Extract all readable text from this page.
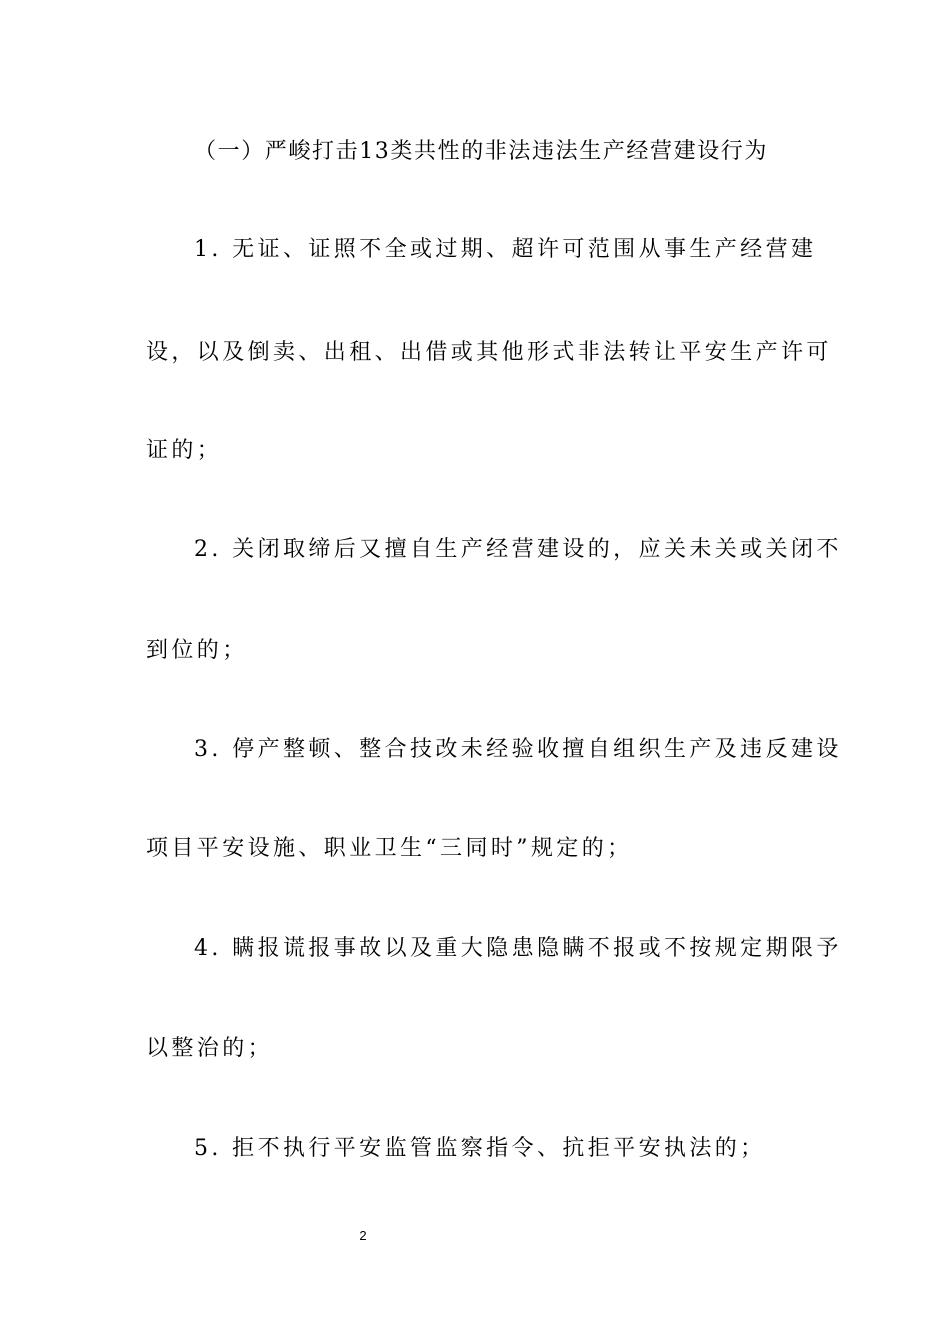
（一）严峻打击13类共性的非法违法生产经营建设行为
1. 无证、证照不全或过期、超许可范围从事生产经营建
设，以及倒卖、出租、出借或其他形式非法转让平安生产许可
证的；
2. 关闭取缔后又擅自生产经营建设的，应关未关或关闭不
到位的；
3. 停产整顿、整合技改未经验收擅自组织生产及违反建设
项目平安设施、职业卫生“三同时”规定的；
4. 瞒报谎报事故以及重大隐患隐瞒不报或不按规定期限予
以整治的；
5. 拒不执行平安监管监察指令、抗拒平安执法的；
2
